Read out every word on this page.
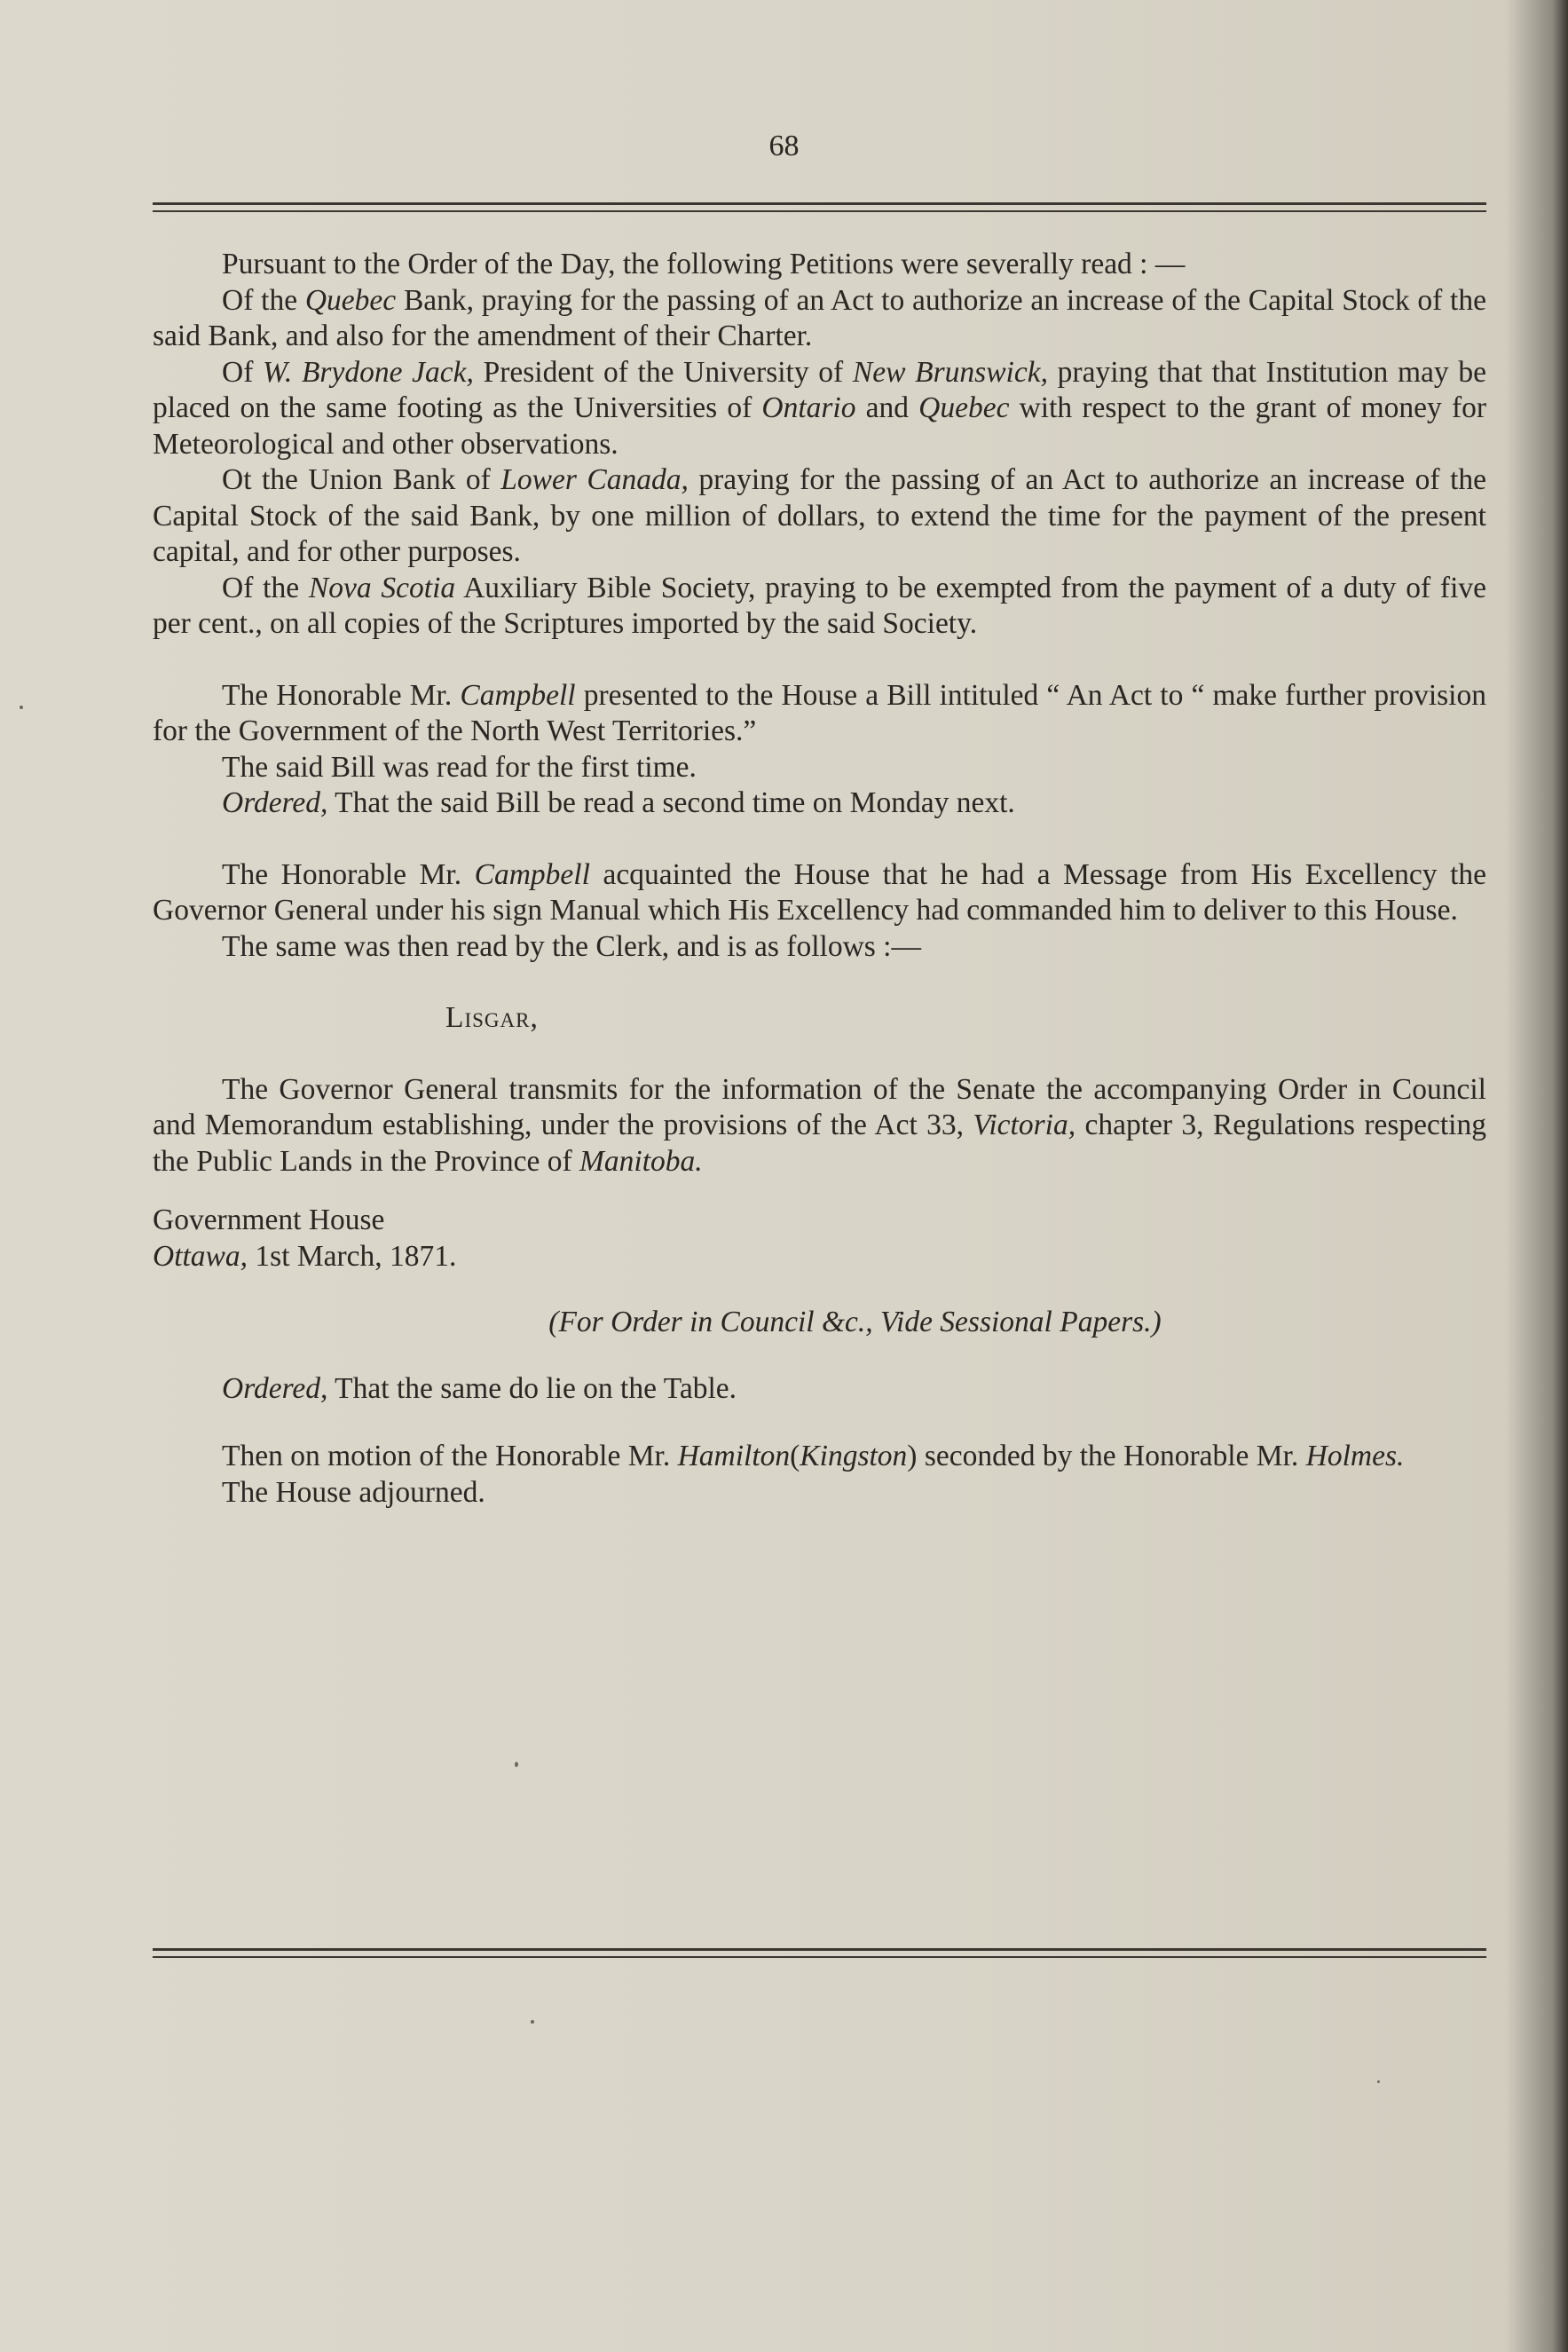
68

Pursuant to the Order of the Day, the following Petitions were severally read : —

Of the Quebec Bank, praying for the passing of an Act to authorize an increase of the Capital Stock of the said Bank, and also for the amendment of their Charter.

Of W. Brydone Jack, President of the University of New Brunswick, praying that that Institution may be placed on the same footing as the Universities of Ontario and Quebec with respect to the grant of money for Meteorological and other observations.

Ot the Union Bank of Lower Canada, praying for the passing of an Act to authorize an increase of the Capital Stock of the said Bank, by one million of dollars, to extend the time for the payment of the present capital, and for other purposes.

Of the Nova Scotia Auxiliary Bible Society, praying to be exempted from the payment of a duty of five per cent., on all copies of the Scriptures imported by the said Society.

The Honorable Mr. Campbell presented to the House a Bill intituled “ An Act to “ make further provision for the Government of the North West Territories.”

The said Bill was read for the first time.

Ordered, That the said Bill be read a second time on Monday next.

The Honorable Mr. Campbell acquainted the House that he had a Message from His Excellency the Governor General under his sign Manual which His Excellency had commanded him to deliver to this House.

The same was then read by the Clerk, and is as follows :—

Lisgar,

The Governor General transmits for the information of the Senate the accompanying Order in Council and Memorandum establishing, under the provisions of the Act 33, Victoria, chapter 3, Regulations respecting the Public Lands in the Province of Manitoba.

Government House

Ottawa, 1st March, 1871.

(For Order in Council &c., Vide Sessional Papers.)

Ordered, That the same do lie on the Table.

Then on motion of the Honorable Mr. Hamilton(Kingston) seconded by the Honorable Mr. Holmes.

The House adjourned.
